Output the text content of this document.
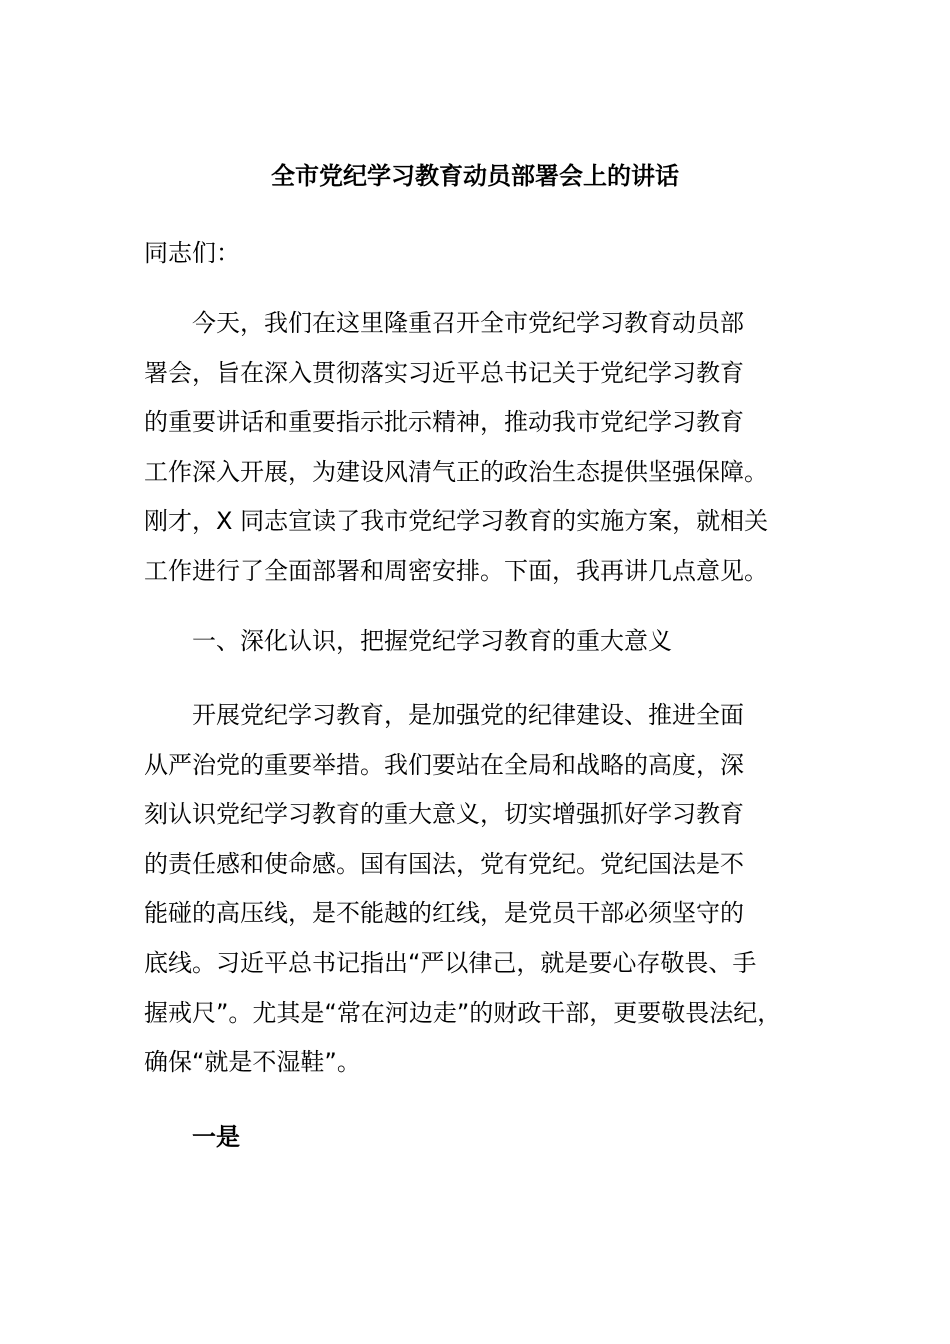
全市党纪学习教育动员部署会上的讲话
同志们：
今天，我们在这里隆重召开全市党纪学习教育动员部
署会，旨在深入贯彻落实习近平总书记关于党纪学习教育
的重要讲话和重要指示批示精神，推动我市党纪学习教育
工作深入开展，为建设风清气正的政治生态提供坚强保障。
刚才，X 同志宣读了我市党纪学习教育的实施方案，就相关
工作进行了全面部署和周密安排。下面，我再讲几点意见。
一、深化认识，把握党纪学习教育的重大意义
开展党纪学习教育，是加强党的纪律建设、推进全面
从严治党的重要举措。我们要站在全局和战略的高度，深
刻认识党纪学习教育的重大意义，切实增强抓好学习教育
的责任感和使命感。国有国法，党有党纪。党纪国法是不
能碰的高压线，是不能越的红线，是党员干部必须坚守的
底线。习近平总书记指出“严以律己，就是要心存敬畏、手
握戒尺”。尤其是“常在河边走”的财政干部，更要敬畏法纪，
确保“就是不湿鞋”。
一是
